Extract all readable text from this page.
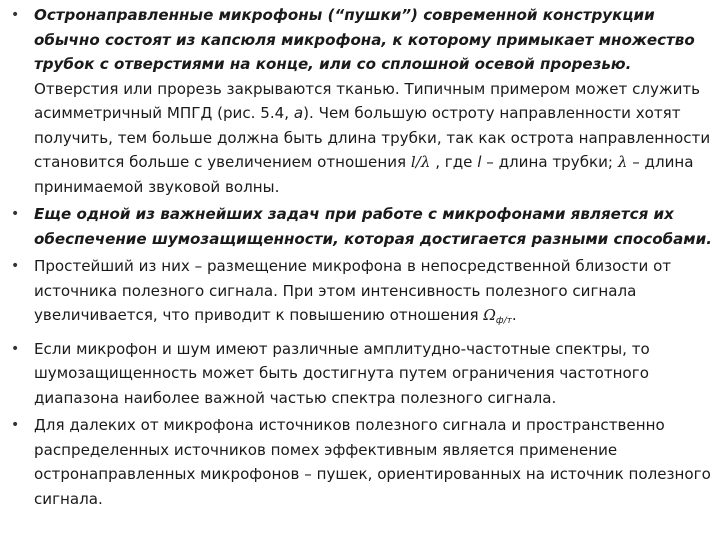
• Остронаправленные микрофоны (“пушки”) современной конструкции обычно состоят из капсюля микрофона, к которому примыкает множество трубок с отверстиями на конце, или со сплошной осевой прорезью. Отверстия или прорезь закрываются тканью. Типичным примером может служить асимметричный МПГД (рис. 5.4, а). Чем большую остроту направленности хотят получить, тем больше должна быть длина трубки, так как острота направленности становится больше с увеличением отношения l/λ , где l – длина трубки; λ – длина принимаемой звуковой волны.
• Еще одной из важнейших задач при работе с микрофонами является их обеспечение шумозащищенности, которая достигается разными способами.
• Простейший из них – размещение микрофона в непосредственной близости от источника полезного сигнала. При этом интенсивность полезного сигнала увеличивается, что приводит к повышению отношения $\Omega_{ф/т}$.
• Если микрофон и шум имеют различные амплитудно-частотные спектры, то шумозащищенность может быть достигнута путем ограничения частотного диапазона наиболее важной частью спектра полезного сигнала.
• Для далеких от микрофона источников полезного сигнала и пространственно распределенных источников помех эффективным является применение остронаправленных микрофонов – пушек, ориентированных на источник полезного сигнала.
